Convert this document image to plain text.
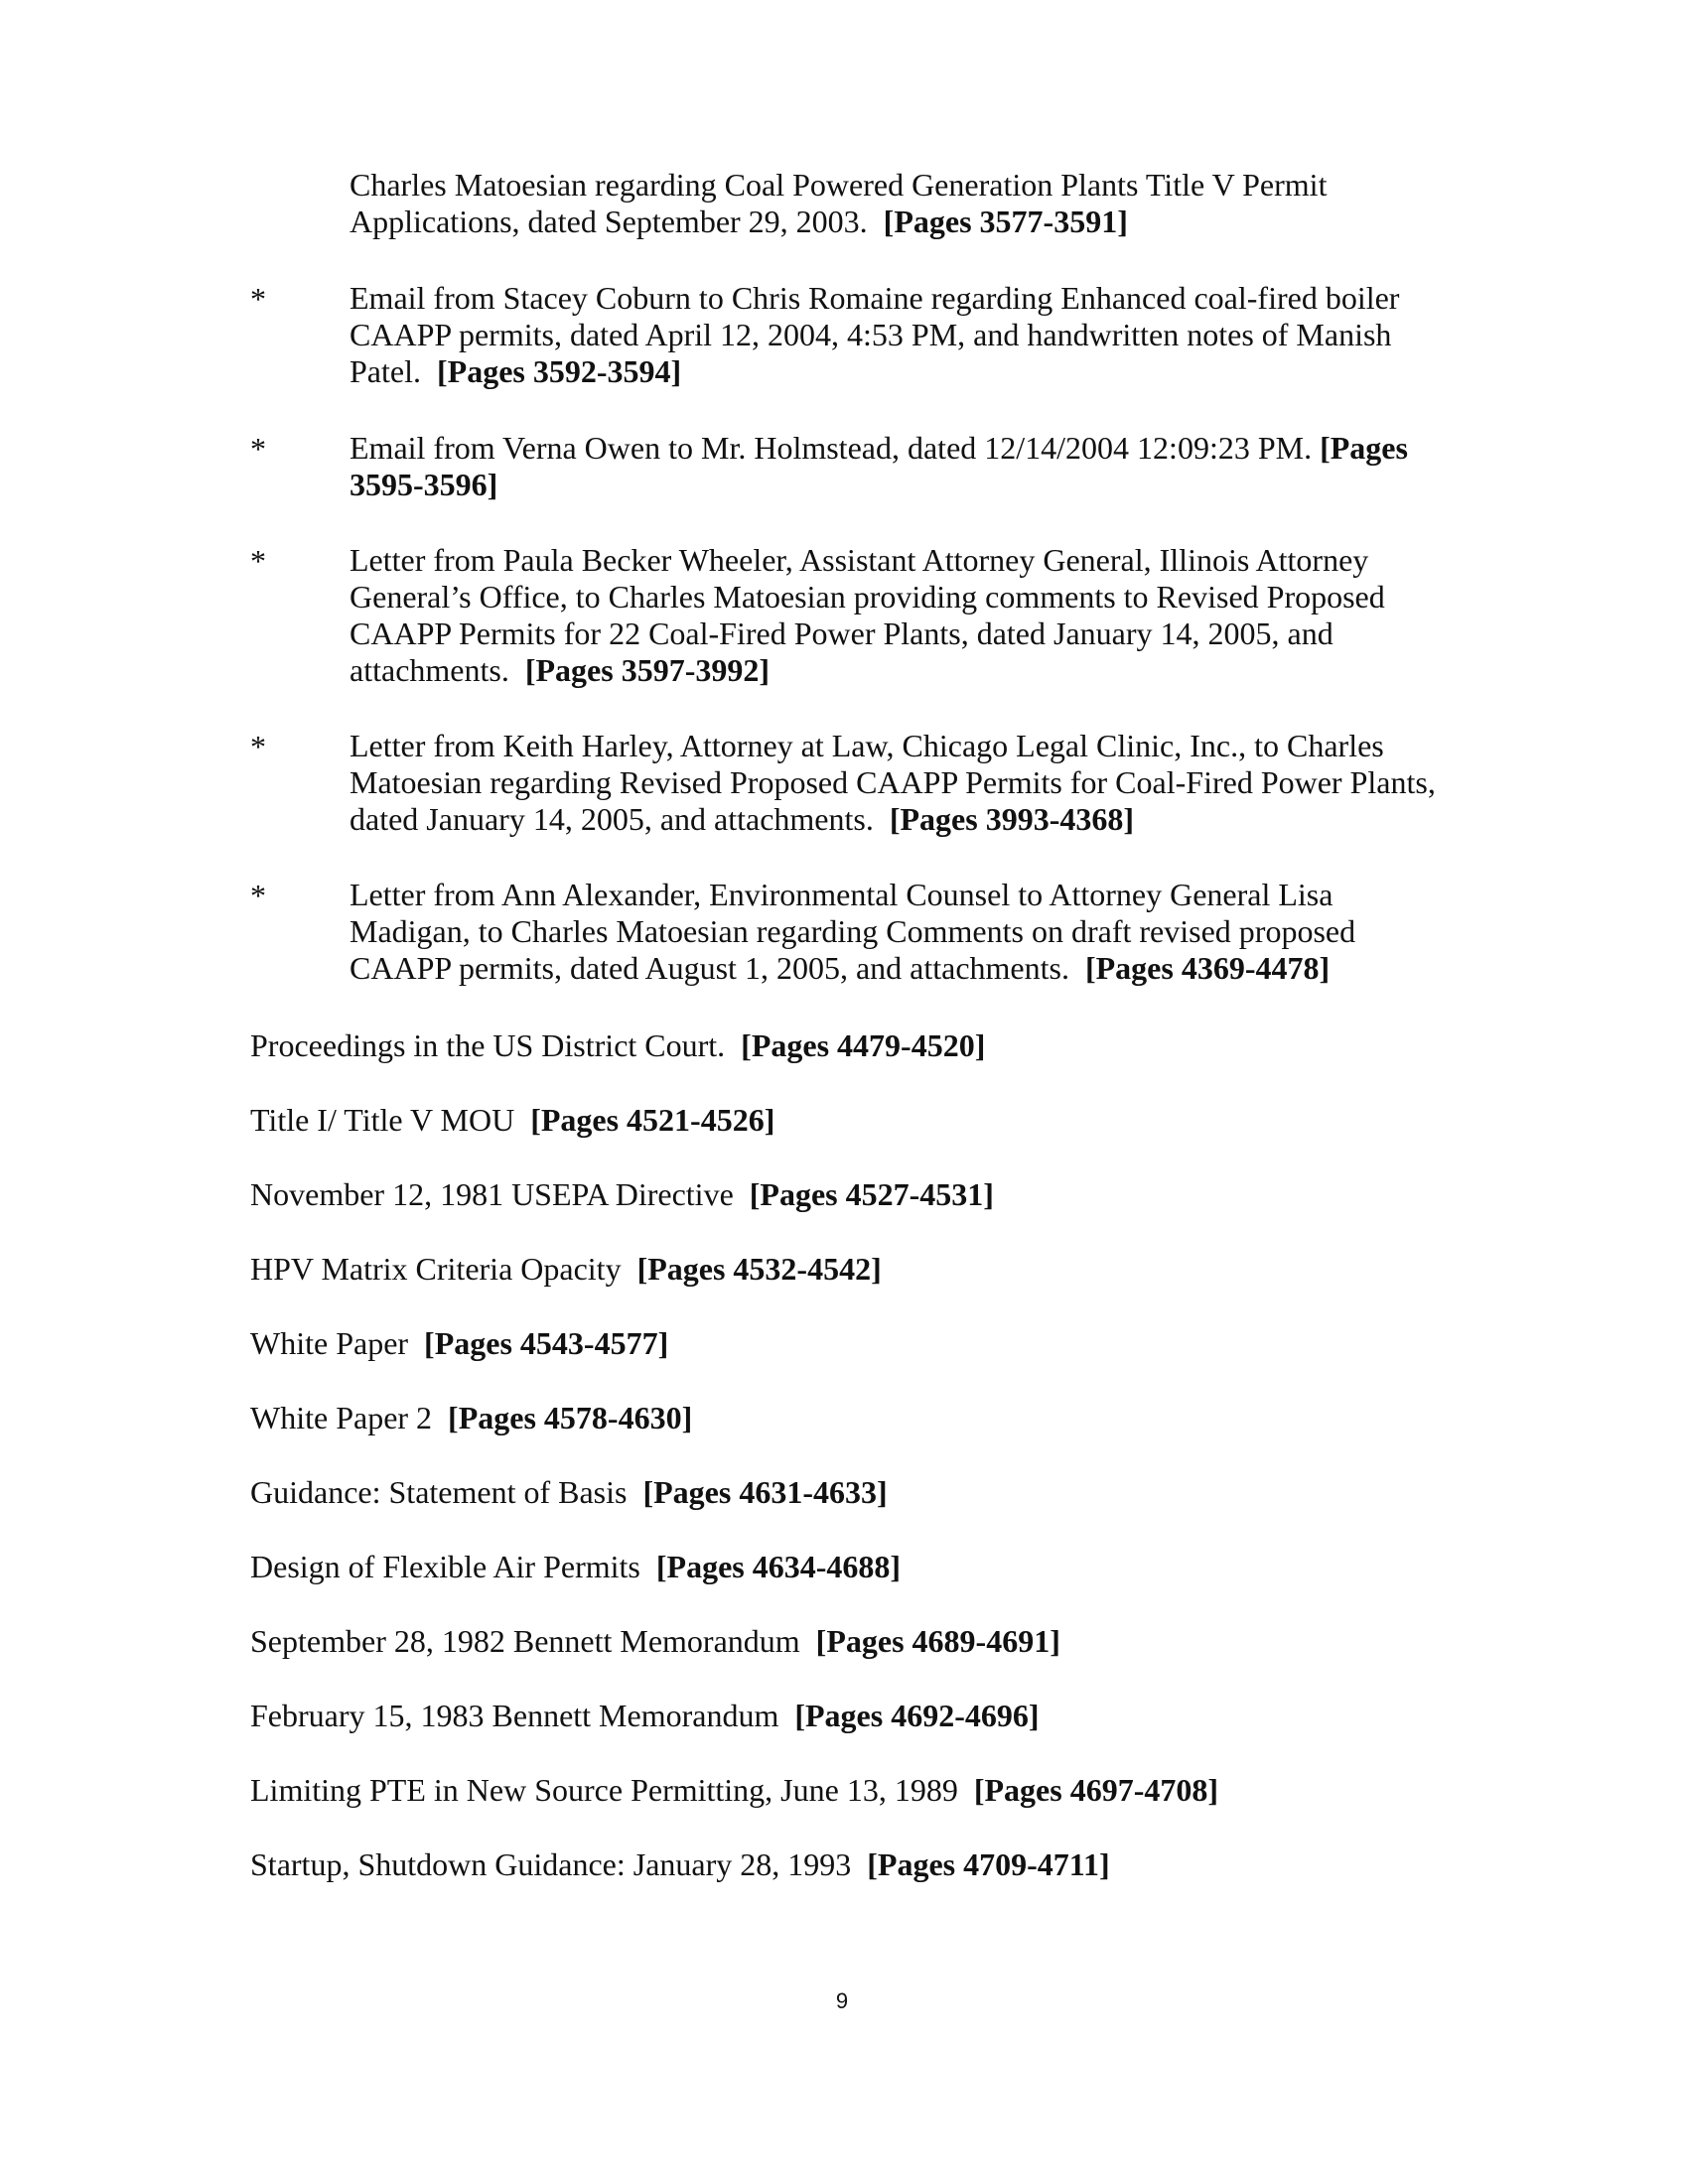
Charles Matoesian regarding Coal Powered Generation Plants Title V Permit Applications, dated September 29, 2003. [Pages 3577-3591]
*	Email from Stacey Coburn to Chris Romaine regarding Enhanced coal-fired boiler CAAPP permits, dated April 12, 2004, 4:53 PM, and handwritten notes of Manish Patel. [Pages 3592-3594]
*	Email from Verna Owen to Mr. Holmstead, dated 12/14/2004 12:09:23 PM. [Pages 3595-3596]
*	Letter from Paula Becker Wheeler, Assistant Attorney General, Illinois Attorney General’s Office, to Charles Matoesian providing comments to Revised Proposed CAAPP Permits for 22 Coal-Fired Power Plants, dated January 14, 2005, and attachments. [Pages 3597-3992]
*	Letter from Keith Harley, Attorney at Law, Chicago Legal Clinic, Inc., to Charles Matoesian regarding Revised Proposed CAAPP Permits for Coal-Fired Power Plants, dated January 14, 2005, and attachments. [Pages 3993-4368]
*	Letter from Ann Alexander, Environmental Counsel to Attorney General Lisa Madigan, to Charles Matoesian regarding Comments on draft revised proposed CAAPP permits, dated August 1, 2005, and attachments. [Pages 4369-4478]
Proceedings in the US District Court. [Pages 4479-4520]
Title I/ Title V MOU [Pages 4521-4526]
November 12, 1981 USEPA Directive [Pages 4527-4531]
HPV Matrix Criteria Opacity [Pages 4532-4542]
White Paper [Pages 4543-4577]
White Paper 2 [Pages 4578-4630]
Guidance: Statement of Basis [Pages 4631-4633]
Design of Flexible Air Permits [Pages 4634-4688]
September 28, 1982 Bennett Memorandum [Pages 4689-4691]
February 15, 1983 Bennett Memorandum [Pages 4692-4696]
Limiting PTE in New Source Permitting, June 13, 1989 [Pages 4697-4708]
Startup, Shutdown Guidance: January 28, 1993 [Pages 4709-4711]
9
